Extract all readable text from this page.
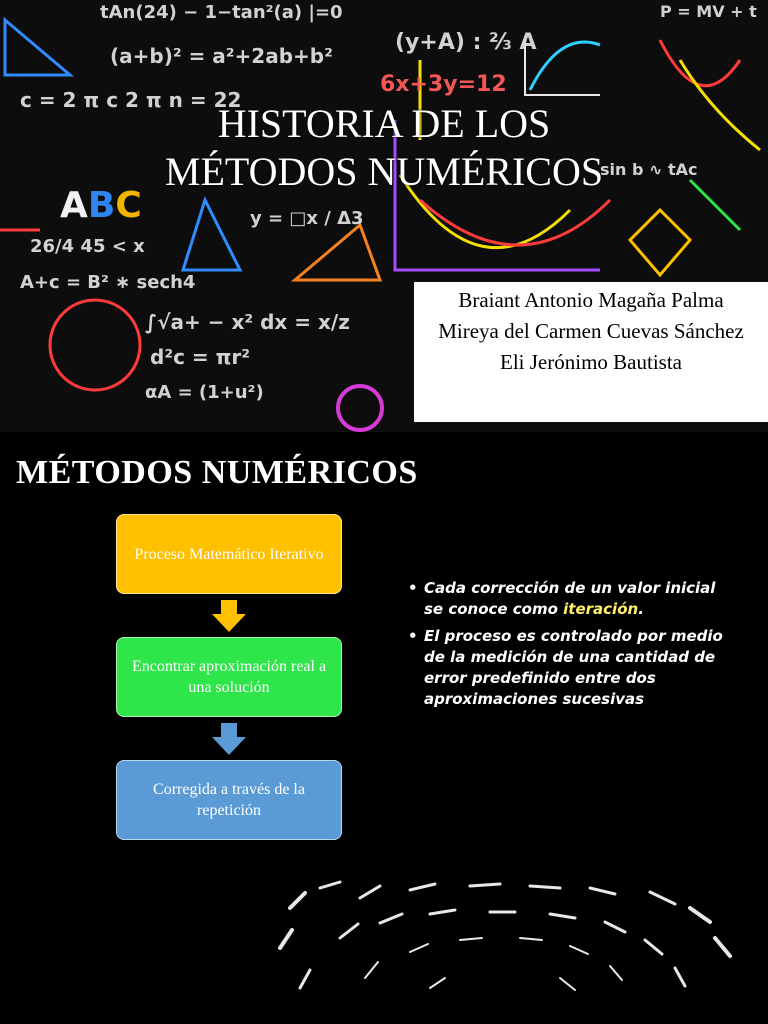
tAn(24) − 1−tan²(a) |=0
(a+b)² = a²+2ab+b²
(y+A) : ⅔ A
6x+3y=12
c = 2 π c 2 π n = 22
ABC
26/4 45 < x
A+c = B² ∗ sech4
∫√a+ − x² dx = x/z
d²c = πr²
αA = (1+u²)
y = □x / Δ3
sin b ∿ tAc
P = MV + t
HISTORIA DE LOS
MÉTODOS NUMÉRICOS
Braiant Antonio Magaña Palma
Mireya del Carmen Cuevas Sánchez
Eli Jerónimo Bautista
MÉTODOS NUMÉRICOS
Proceso Matemático Iterativo
Encontrar aproximación real a una solución
Corregida a través de la repetición
• Cada corrección de un valor inicial se conoce como iteración.
• El proceso es controlado por medio de la medición de una cantidad de error predefinido entre dos aproximaciones sucesivas
